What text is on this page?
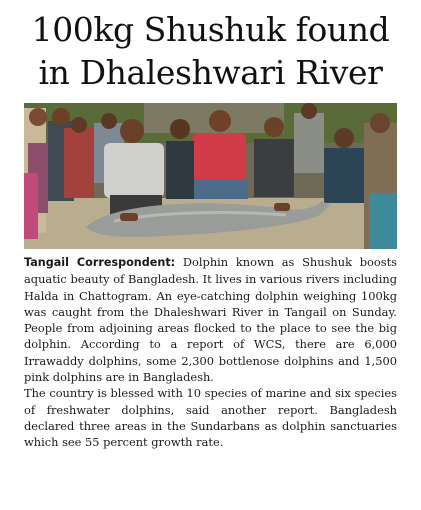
100kg Shushuk found
in Dhaleshwari River

Tangail Correspondent: Dolphin known as Shushuk boosts aquatic beauty of Bangladesh. It lives in various rivers including Halda in Chattogram. An eye-catching dolphin weighing 100kg was caught from the Dhaleshwari River in Tangail on Sunday. People from adjoining areas flocked to the place to see the big dolphin. According to a report of WCS, there are 6,000 Irrawaddy dolphins, some 2,300 bottlenose dolphins and 1,500 pink dolphins are in Bangladesh.

The country is blessed with 10 species of marine and six species of freshwater dolphins, said another report. Bangladesh declared three areas in the Sundarbans as dolphin sanctuaries which see 55 percent growth rate.
